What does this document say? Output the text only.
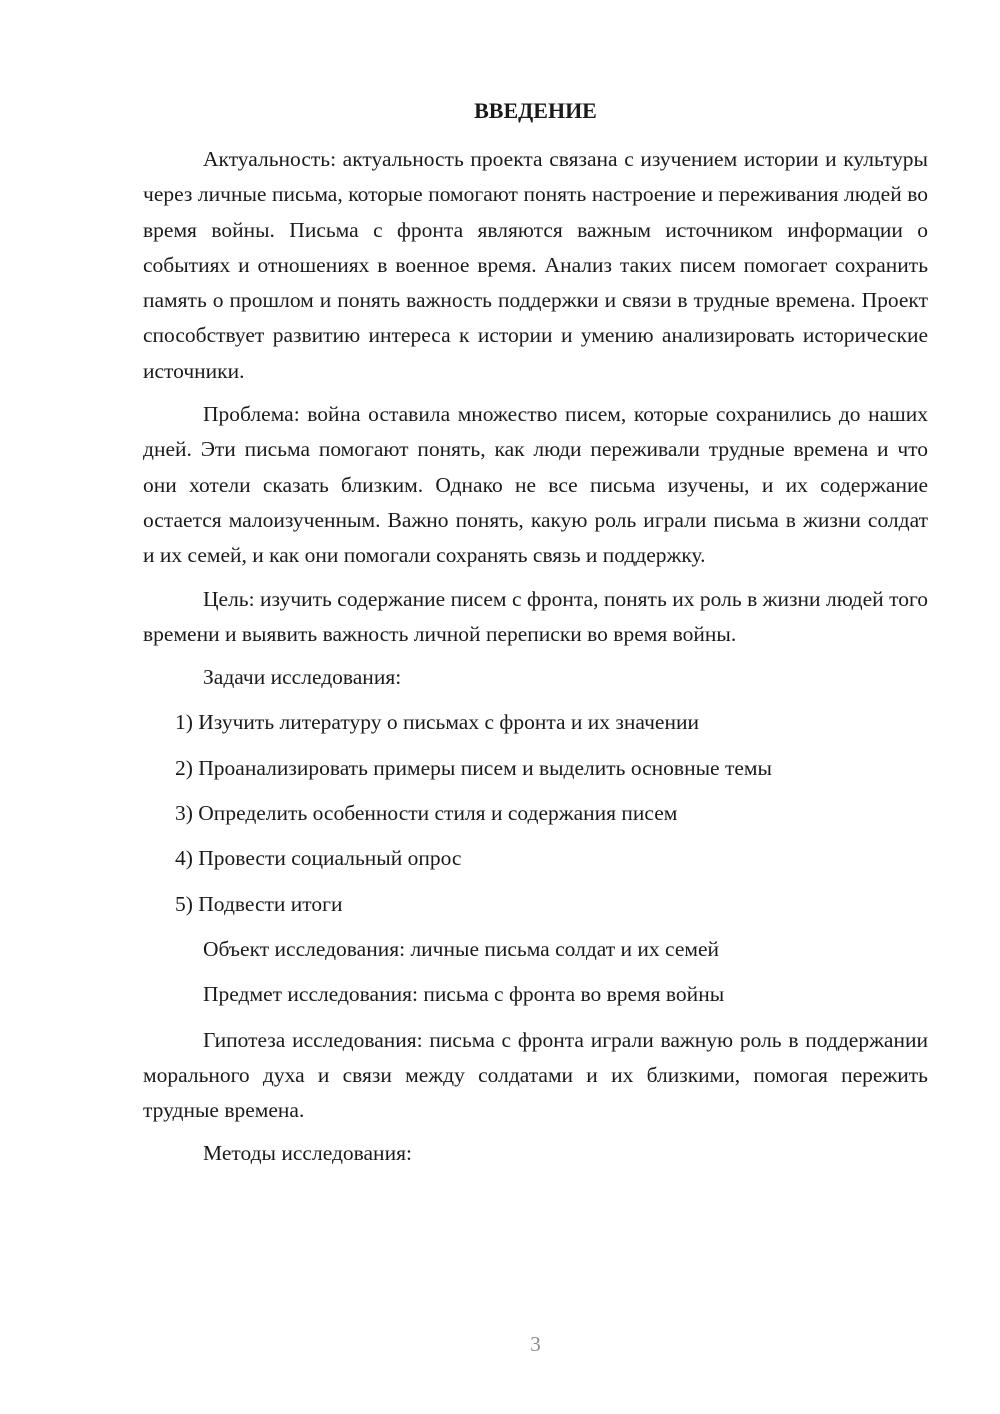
ВВЕДЕНИЕ

Актуальность: актуальность проекта связана с изучением истории и культуры через личные письма, которые помогают понять настроение и переживания людей во время войны. Письма с фронта являются важным источником информации о событиях и отношениях в военное время. Анализ таких писем помогает сохранить память о прошлом и понять важность поддержки и связи в трудные времена. Проект способствует развитию интереса к истории и умению анализировать исторические источники.

Проблема: война оставила множество писем, которые сохранились до наших дней. Эти письма помогают понять, как люди переживали трудные времена и что они хотели сказать близким. Однако не все письма изучены, и их содержание остается малоизученным. Важно понять, какую роль играли письма в жизни солдат и их семей, и как они помогали сохранять связь и поддержку.

Цель: изучить содержание писем с фронта, понять их роль в жизни людей того времени и выявить важность личной переписки во время войны.

Задачи исследования:

1) Изучить литературу о письмах с фронта и их значении

2) Проанализировать примеры писем и выделить основные темы

3) Определить особенности стиля и содержания писем

4) Провести социальный опрос

5) Подвести итоги

Объект исследования: личные письма солдат и их семей

Предмет исследования: письма с фронта во время войны

Гипотеза исследования: письма с фронта играли важную роль в поддержании морального духа и связи между солдатами и их близкими, помогая пережить трудные времена.

Методы исследования:

3
